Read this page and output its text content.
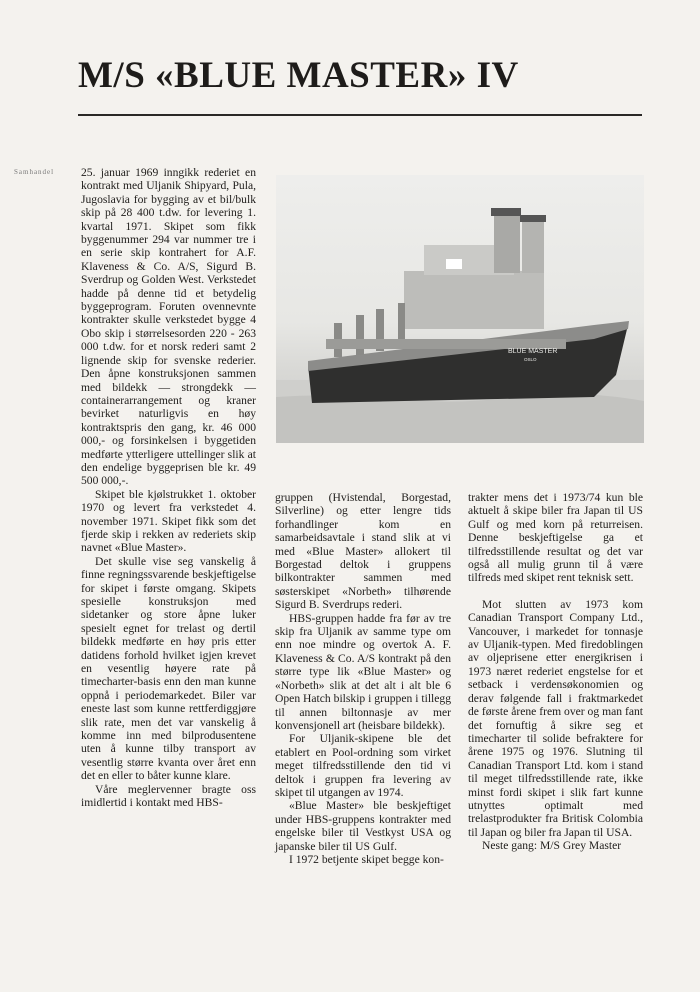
M/S «BLUE MASTER» IV
Samhandel 25. januar 1969 inngikk rederiet en kontrakt med Uljanik Shipyard, Pula, Jugoslavia for bygging av et bil/bulk skip på 28 400 t.dw. for levering 1. kvartal 1971. Skipet som fikk byggenummer 294 var nummer tre i en serie skip kontrahert for A.F. Klaveness & Co. A/S, Sigurd B. Sverdrup og Golden West. Verkstedet hadde på denne tid et betydelig byggeprogram. Foruten ovennevnte kontrakter skulle verkstedet bygge 4 Obo skip i størrelsesorden 220 - 263 000 t.dw. for et norsk rederi samt 2 lignende skip for svenske rederier. Den åpne konstruksjonen sammen med bildekk — strongdekk — containerarrangement og kraner bevirket naturligvis en høy kontraktspris den gang, kr. 46 000 000,- og forsinkelsen i byggetiden medførte ytterligere uttellinger slik at den endelige byggeprisen ble kr. 49 500 000,-.

Skipet ble kjølstrukket 1. oktober 1970 og levert fra verkstedet 4. november 1971. Skipet fikk som det fjerde skip i rekken av rederiets skip navnet «Blue Master».

Det skulle vise seg vanskelig å finne regningssvarende beskjeftigelse for skipet i første omgang. Skipets spesielle konstruksjon med sidetanker og store åpne luker spesielt egnet for trelast og dertil bildekk medførte en høy pris etter datidens forhold hvilket igjen krevet en vesentlig høyere rate på timecharter-basis enn den man kunne oppnå i periodemarkedet. Biler var eneste last som kunne rettferdiggjøre slik rate, men det var vanskelig å komme inn med bilprodusentene uten å kunne tilby transport av vesentlig større kvanta over året enn det en eller to båter kunne klare.

Våre meglervenner bragte oss imidlertid i kontakt med HBS-

BLUE MASTER
OSLO

gruppen (Hvistendal, Borgestad, Silverline) og etter lengre tids forhandlinger kom en samarbeidsavtale i stand slik at vi med «Blue Master» allokert til Borgestad deltok i gruppens bilkontrakter sammen med søsterskipet «Norbeth» tilhørende Sigurd B. Sverdrups rederi.

HBS-gruppen hadde fra før av tre skip fra Uljanik av samme type om enn noe mindre og overtok A. F. Klaveness & Co. A/S kontrakt på den større type lik «Blue Master» og «Norbeth» slik at det alt i alt ble 6 Open Hatch bilskip i gruppen i tillegg til annen biltonnasje av mer konvensjonell art (heisbare bildekk).

For Uljanik-skipene ble det etablert en Pool-ordning som virket meget tilfredsstillende den tid vi deltok i gruppen fra levering av skipet til utgangen av 1974.

«Blue Master» ble beskjeftiget under HBS-gruppens kontrakter med engelske biler til Vestkyst USA og japanske biler til US Gulf.

I 1972 betjente skipet begge kon-

trakter mens det i 1973/74 kun ble aktuelt å skipe biler fra Japan til US Gulf og med korn på returreisen. Denne beskjeftigelse ga et tilfredsstillende resultat og det var også all mulig grunn til å være tilfreds med skipet rent teknisk sett.

Mot slutten av 1973 kom Canadian Transport Company Ltd., Vancouver, i markedet for tonnasje av Uljanik-typen. Med firedoblingen av oljeprisene etter energikrisen i 1973 næret rederiet engstelse for et setback i verdensøkonomien og derav følgende fall i fraktmarkedet de første årene frem over og man fant det fornuftig å sikre seg et timecharter til solide befraktere for årene 1975 og 1976. Slutning til Canadian Transport Ltd. kom i stand til meget tilfredsstillende rate, ikke minst fordi skipet i slik fart kunne utnyttes optimalt med trelastprodukter fra Britisk Colombia til Japan og biler fra Japan til USA.

Neste gang: M/S Grey Master
